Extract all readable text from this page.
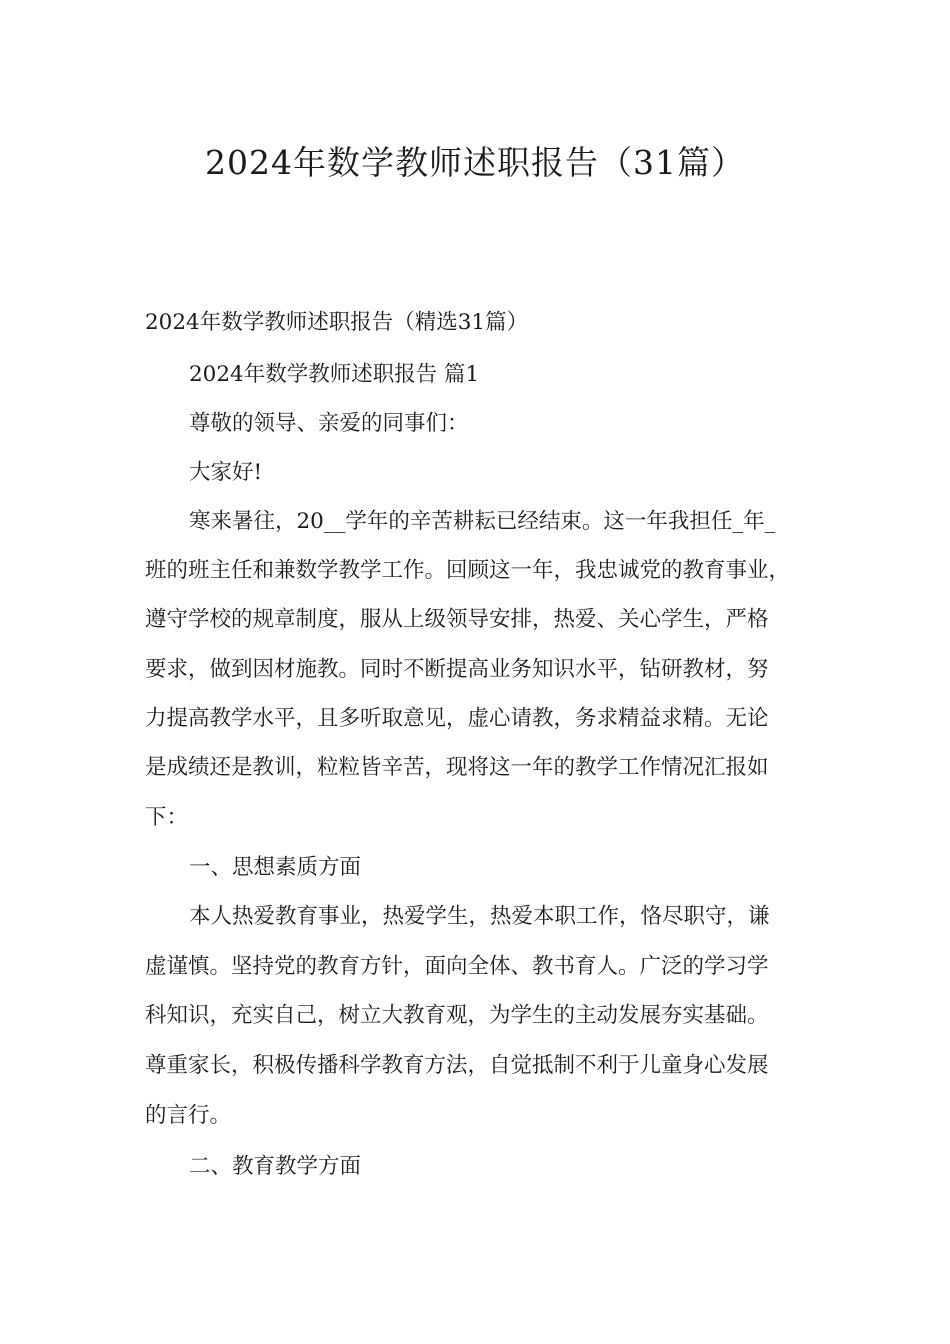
2024年数学教师述职报告（31篇）

2024年数学教师述职报告（精选31篇）

2024年数学教师述职报告 篇1

尊敬的领导、亲爱的同事们：

大家好!

寒来暑往，20__学年的辛苦耕耘已经结束。这一年我担任_年_

班的班主任和兼数学教学工作。回顾这一年，我忠诚党的教育事业，

遵守学校的规章制度，服从上级领导安排，热爱、关心学生，严格

要求，做到因材施教。同时不断提高业务知识水平，钻研教材，努

力提高教学水平，且多听取意见，虚心请教，务求精益求精。无论

是成绩还是教训，粒粒皆辛苦，现将这一年的教学工作情况汇报如

下：

一、思想素质方面

本人热爱教育事业，热爱学生，热爱本职工作，恪尽职守，谦

虚谨慎。坚持党的教育方针，面向全体、教书育人。广泛的学习学

科知识，充实自己，树立大教育观，为学生的主动发展夯实基础。

尊重家长，积极传播科学教育方法，自觉抵制不利于儿童身心发展

的言行。

二、教育教学方面
